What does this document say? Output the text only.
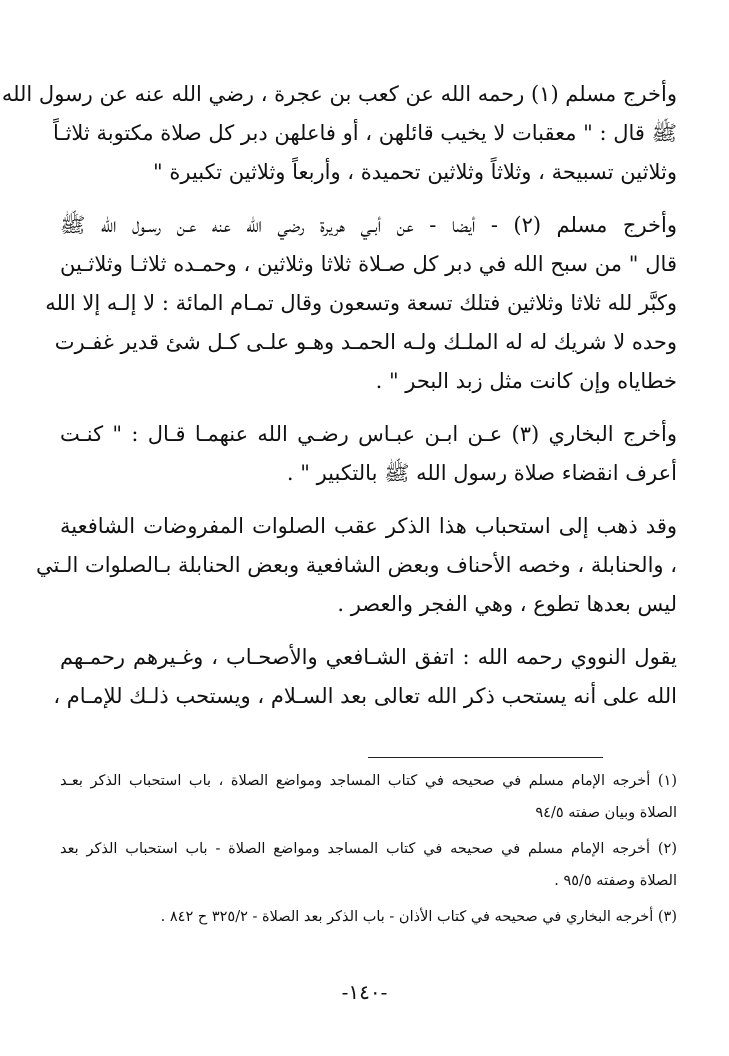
وأخرج مسلم (١) رحمه الله عن كعب بن عجرة ، رضي الله عنه عن رسول الله
ﷺ قال : " معقبات لا يخيب قائلهن ، أو فاعلهن دبر كل صلاة مكتوبة ثلاثـاً
وثلاثين تسبيحة ، وثلاثاً وثلاثين تحميدة ، وأربعاً وثلاثين تكبيرة "

وأخرج مسلم (٢) - أيضا - عن أبـي هريرة رضي الله عنه عـن رسـول الله ﷺ
قال " من سبح الله في دبر كل صـلاة ثلاثا وثلاثين ، وحمـده ثلاثـا وثلاثـين
وكبَّر لله ثلاثا وثلاثين فتلك تسعة وتسعون وقال تمـام المائة : لا إلـه إلا الله
وحده لا شريك له له الملـك ولـه الحمـد وهـو علـى كـل شئ قدير غفـرت
خطاياه وإن كانت مثل زبد البحر " .

وأخرج البخاري (٣) عـن ابـن عبـاس رضـي الله عنهمـا قـال : " كنـت
أعرف انقضاء صلاة رسول الله ﷺ بالتكبير " .

وقد ذهب إلى استحباب هذا الذكر عقب الصلوات المفروضات الشافعية
، والحنابلة ، وخصه الأحناف وبعض الشافعية وبعض الحنابلة بـالصلوات الـتي
ليس بعدها تطوع ، وهي الفجر والعصر .

يقول النووي رحمه الله : اتفق الشـافعي والأصحـاب ، وغـيرهم رحمـهم
الله على أنه يستحب ذكر الله تعالى بعد السـلام ، ويستحب ذلـك للإمـام ،

(١) أخرجه الإمام مسلم في صحيحه في كتاب المساجد ومواضع الصلاة ، باب استحباب الذكر بعـد
الصلاة وبيان صفته ٩٤/٥

(٢) أخرجه الإمام مسلم في صحيحه في كتاب المساجد ومواضع الصلاة - باب استحباب الذكر بعد
الصلاة وصفته ٩٥/٥ .

(٣) أخرجه البخاري في صحيحه في كتاب الأذان - باب الذكر بعد الصلاة - ٣٢٥/٢ ح ٨٤٢ .

-١٤٠-
